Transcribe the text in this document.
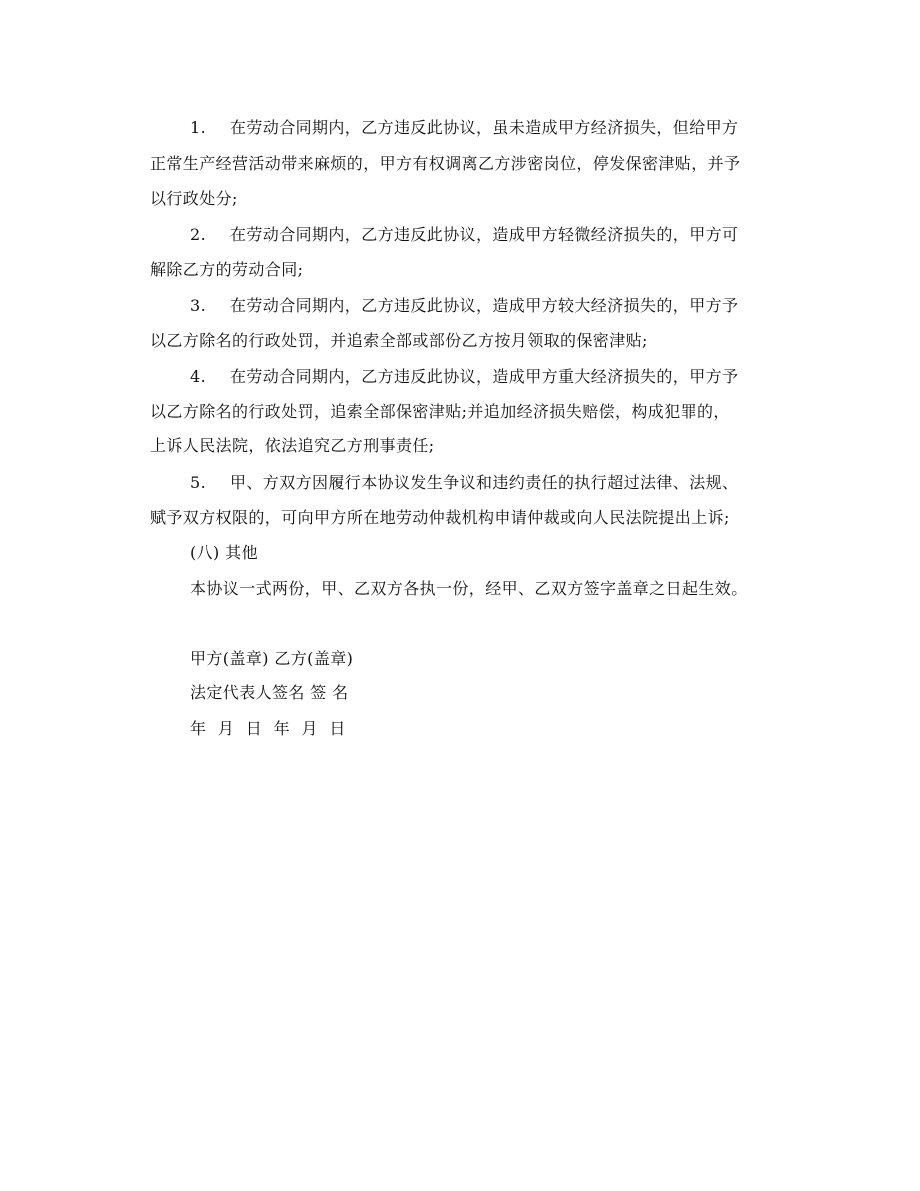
1. 在劳动合同期内，乙方违反此协议，虽未造成甲方经济损失，但给甲方
正常生产经营活动带来麻烦的，甲方有权调离乙方涉密岗位，停发保密津贴，并予
以行政处分;
2. 在劳动合同期内，乙方违反此协议，造成甲方轻微经济损失的，甲方可
解除乙方的劳动合同;
3. 在劳动合同期内，乙方违反此协议，造成甲方较大经济损失的，甲方予
以乙方除名的行政处罚，并追索全部或部份乙方按月领取的保密津贴;
4. 在劳动合同期内，乙方违反此协议，造成甲方重大经济损失的，甲方予
以乙方除名的行政处罚，追索全部保密津贴;并追加经济损失赔偿，构成犯罪的，
上诉人民法院，依法追究乙方刑事责任;
5. 甲、方双方因履行本协议发生争议和违约责任的执行超过法律、法规、
赋予双方权限的，可向甲方所在地劳动仲裁机构申请仲裁或向人民法院提出上诉;
(八) 其他
本协议一式两份，甲、乙双方各执一份，经甲、乙双方签字盖章之日起生效。
甲方(盖章) 乙方(盖章)
法定代表人签名 签 名
年 月 日 年 月 日
